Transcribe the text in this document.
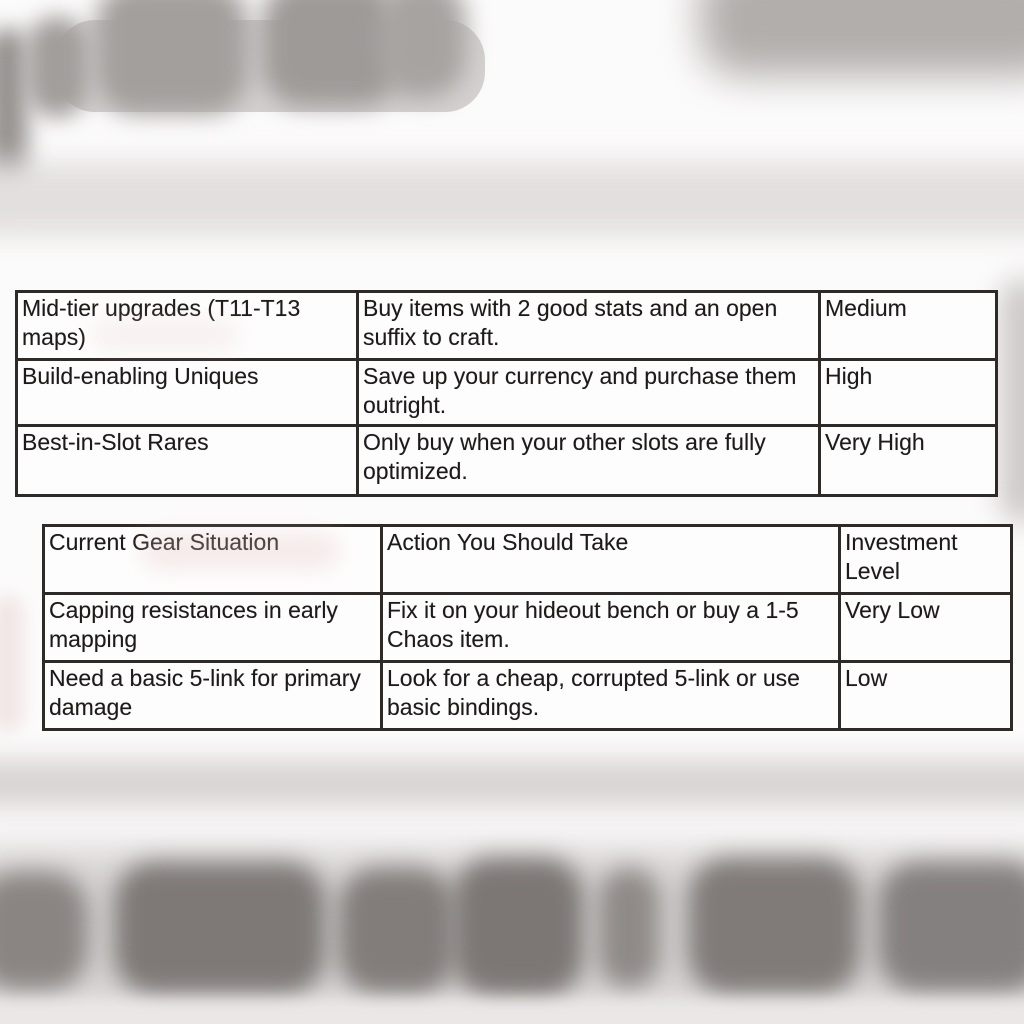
Mid-tier upgrades (T11-T13 maps)	Buy items with 2 good stats and an open suffix to craft.	Medium
Build-enabling Uniques	Save up your currency and purchase them outright.	High
Best-in-Slot Rares	Only buy when your other slots are fully optimized.	Very High
Current Gear Situation	Action You Should Take	Investment Level
Capping resistances in early mapping	Fix it on your hideout bench or buy a 1-5 Chaos item.	Very Low
Need a basic 5-link for primary damage	Look for a cheap, corrupted 5-link or use basic bindings.	Low
